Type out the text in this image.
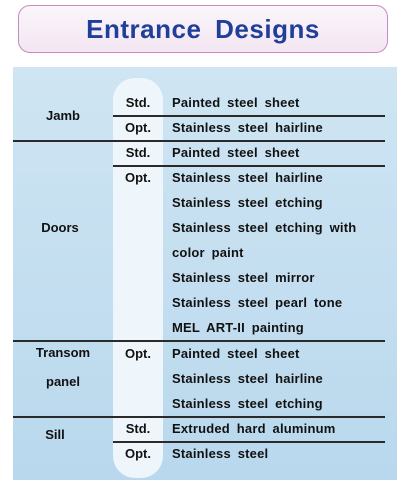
Entrance Designs
Jamb
Std.	Painted steel sheet
Opt.	Stainless steel hairline
Doors
Std.	Painted steel sheet
Opt.	Stainless steel hairline
Stainless steel etching
Stainless steel etching with
color paint
Stainless steel mirror
Stainless steel pearl tone
MEL ART-II painting
Transom
panel
Opt.	Painted steel sheet
Stainless steel hairline
Stainless steel etching
Sill	Std.	Extruded hard aluminum
Opt.	Stainless steel
